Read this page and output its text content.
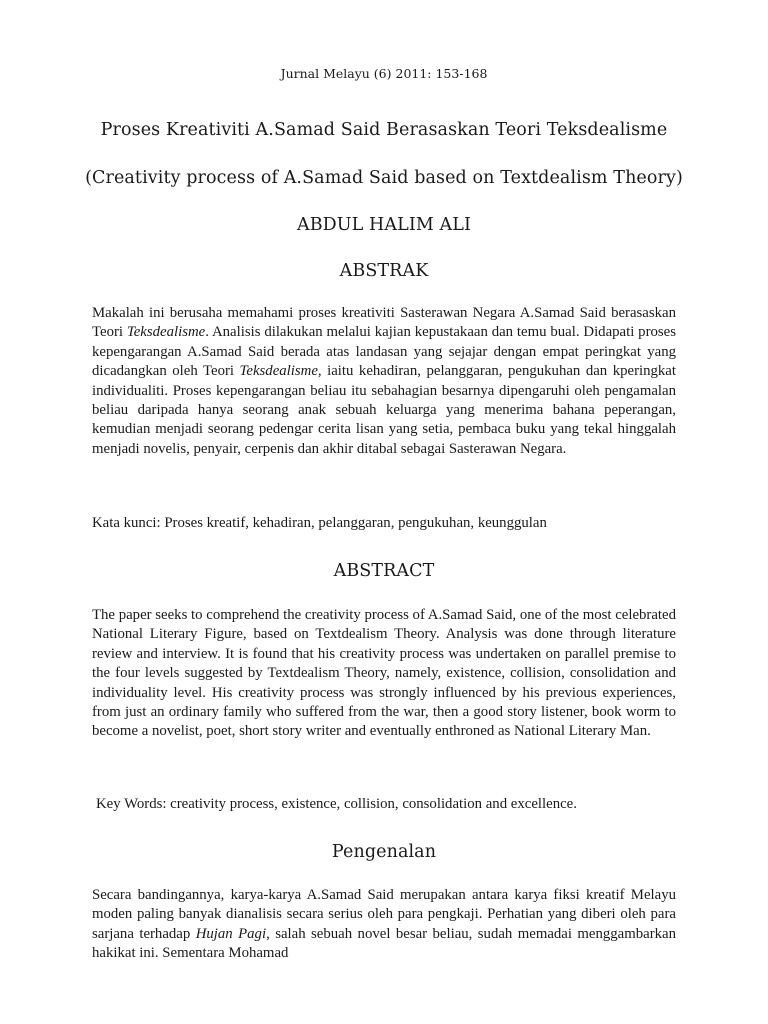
Jurnal Melayu (6) 2011: 153-168
Proses Kreativiti A.Samad Said Berasaskan Teori Teksdealisme
(Creativity process of A.Samad Said based on Textdealism Theory)
ABDUL HALIM ALI
ABSTRAK

Makalah ini berusaha memahami proses kreativiti Sasterawan Negara A.Samad Said berasaskan Teori Teksdealisme. Analisis dilakukan melalui kajian kepustakaan dan temu bual. Didapati proses kepengarangan A.Samad Said berada atas landasan yang sejajar dengan empat peringkat yang dicadangkan oleh Teori Teksdealisme, iaitu kehadiran, pelanggaran, pengukuhan dan kperingkat individualiti. Proses kepengarangan beliau itu sebahagian besarnya dipengaruhi oleh pengamalan beliau daripada hanya seorang anak sebuah keluarga yang menerima bahana peperangan, kemudian menjadi seorang pedengar cerita lisan yang setia, pembaca buku yang tekal hinggalah menjadi novelis, penyair, cerpenis dan akhir ditabal sebagai Sasterawan Negara.

Kata kunci: Proses kreatif, kehadiran, pelanggaran, pengukuhan, keunggulan

ABSTRACT

The paper seeks to comprehend the creativity process of A.Samad Said, one of the most celebrated National Literary Figure, based on Textdealism Theory. Analysis was done through literature review and interview. It is found that his creativity process was undertaken on parallel premise to the four levels suggested by Textdealism Theory, namely, existence, collision, consolidation and individuality level. His creativity process was strongly influenced by his previous experiences, from just an ordinary family who suffered from the war, then a good story listener, book worm to become a novelist, poet, short story writer and eventually enthroned as National Literary Man.

Key Words: creativity process, existence, collision, consolidation and excellence.

Pengenalan

Secara bandingannya, karya-karya A.Samad Said merupakan antara karya fiksi kreatif Melayu moden paling banyak dianalisis secara serius oleh para pengkaji. Perhatian yang diberi oleh para sarjana terhadap Hujan Pagi, salah sebuah novel besar beliau, sudah memadai menggambarkan hakikat ini. Sementara Mohamad
